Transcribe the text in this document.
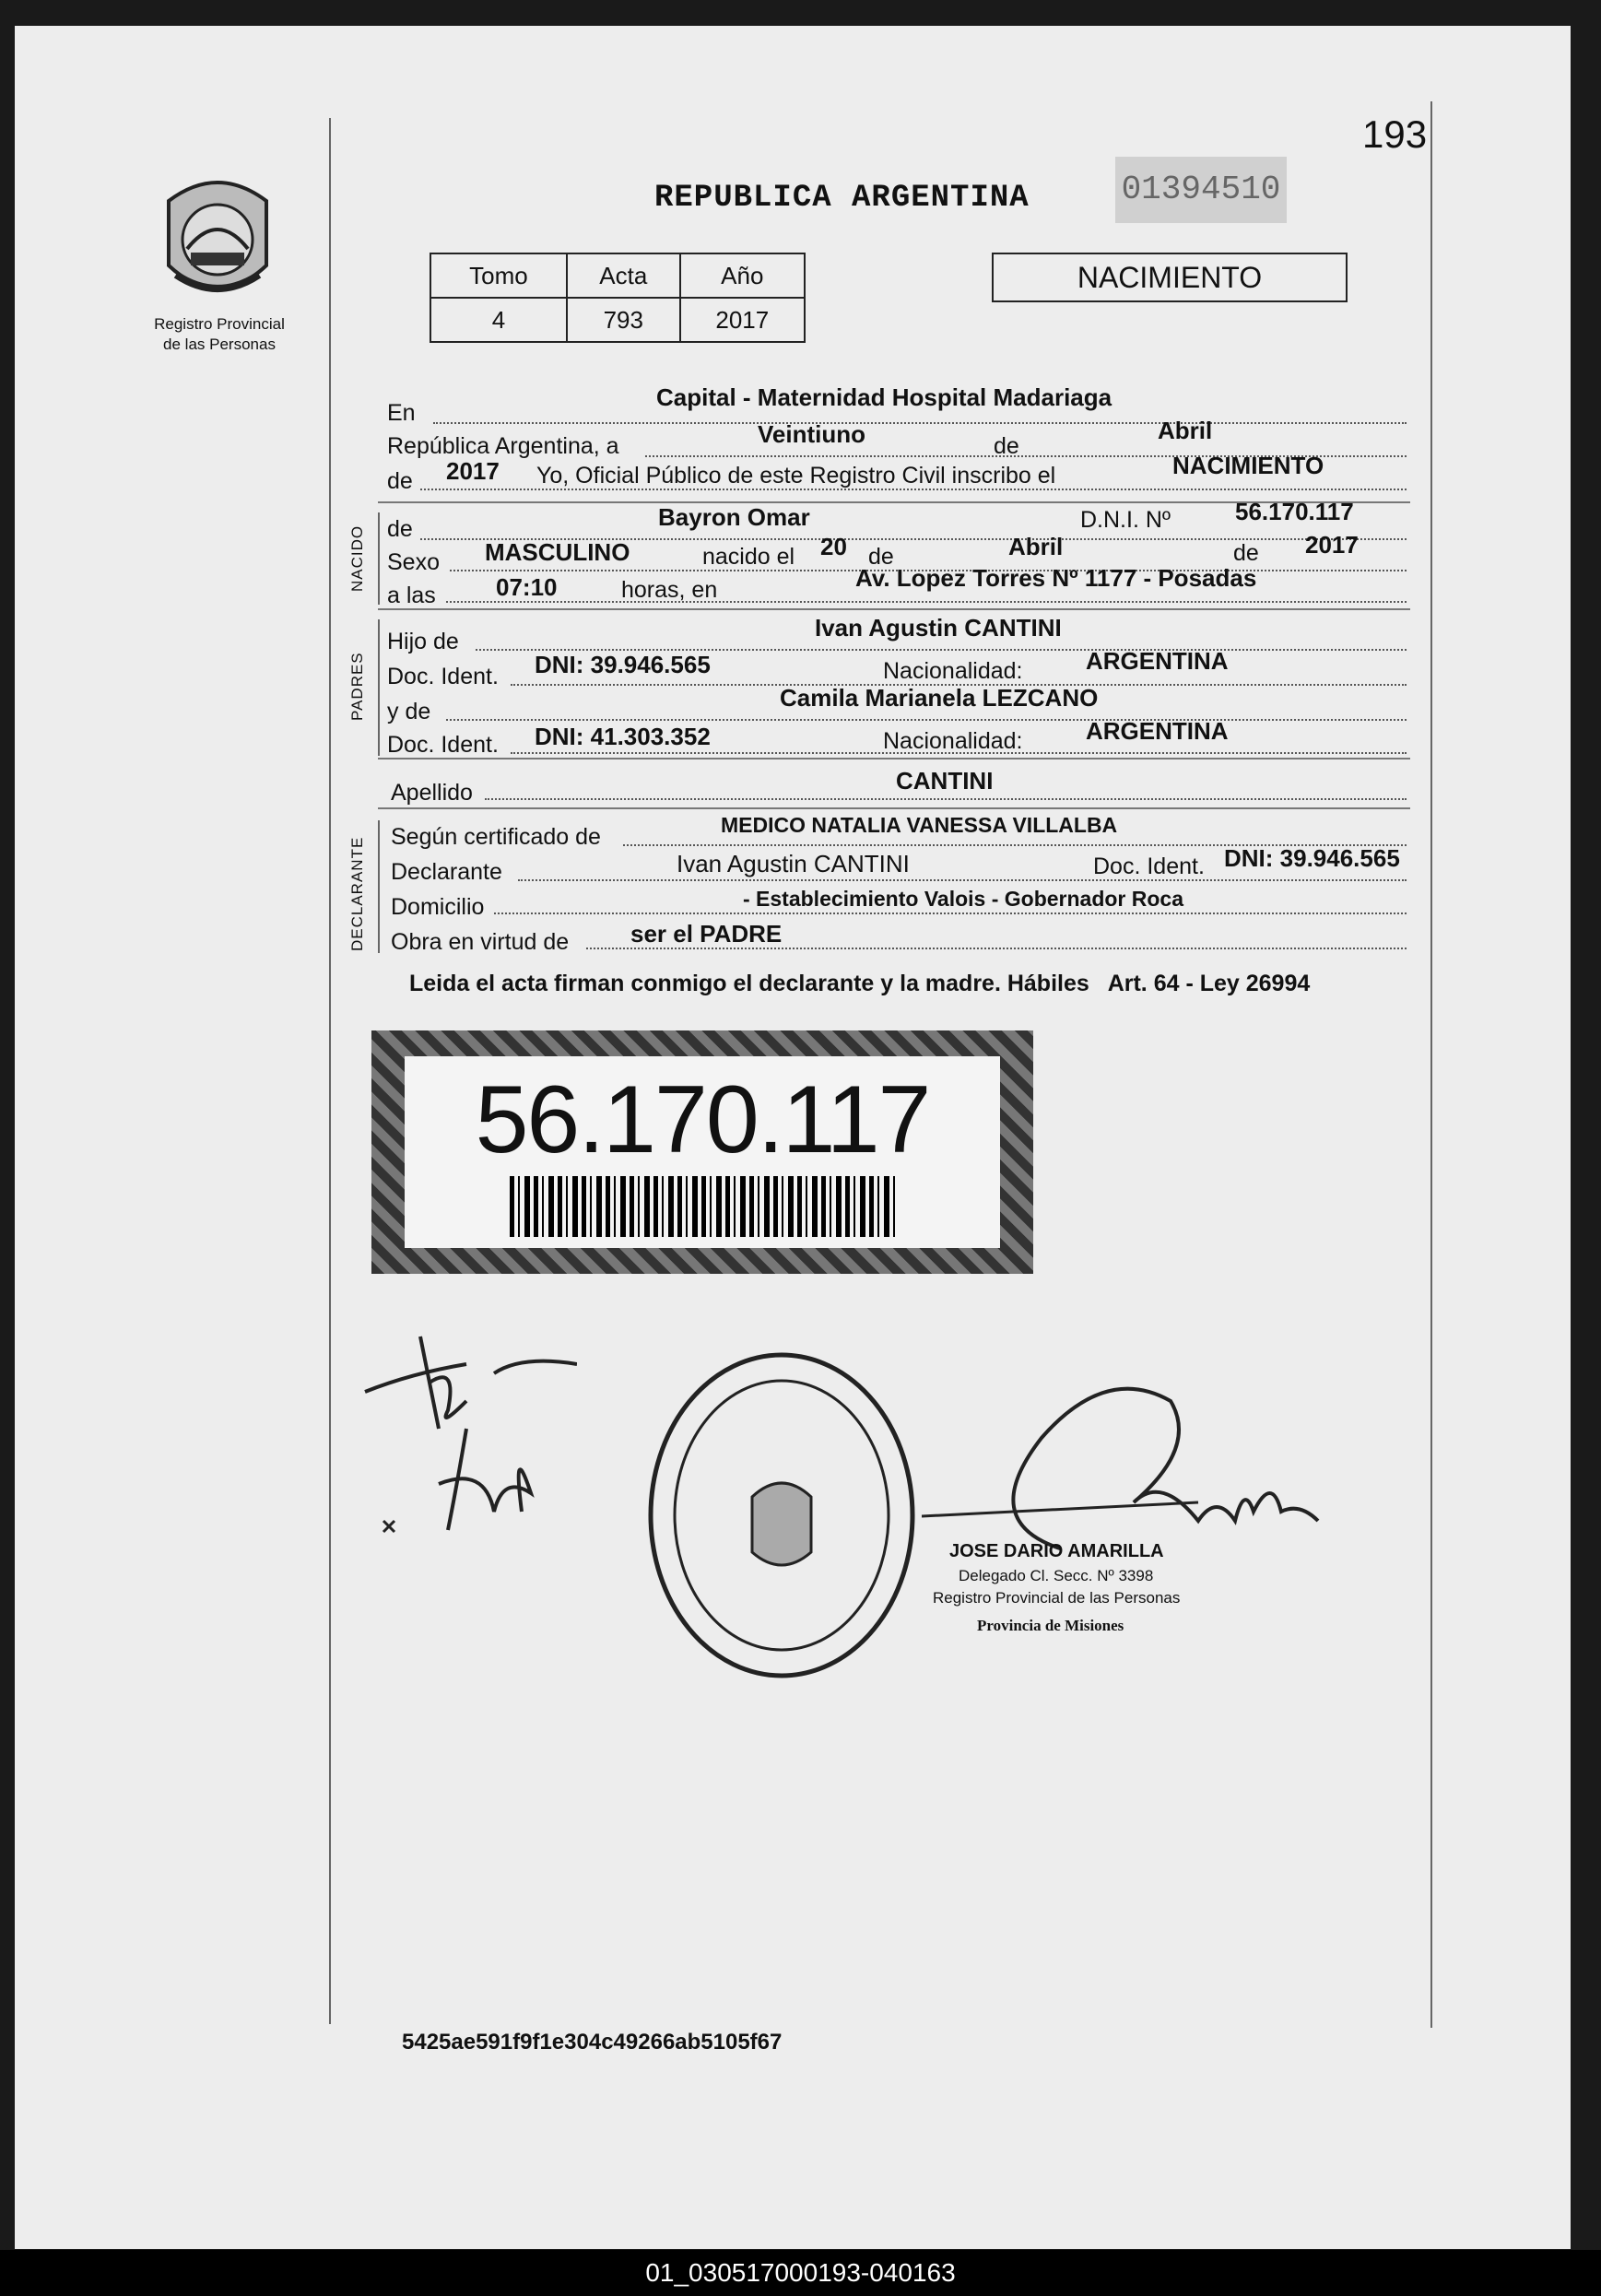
193
Registro Provincial
de las Personas
REPUBLICA ARGENTINA	01394510
Tomo	Acta	Año
4	793	2017
NACIMIENTO
En
Capital - Maternidad Hospital Madariaga
República Argentina, a	Veintiuno	de
Abril
de 2017 Yo, Oficial Público de este Registro Civil inscribo el	NACIMIENTO
NACIDO de	Bayron Omar	D.N.I. Nº	56.170.117
Sexo MASCULINO	nacido el 20 de	Abril	de 2017
a las	07:10	horas, en	Av. Lopez Torres Nº 1177 - Posadas
PADRES
Hijo de	Ivan Agustin CANTINI
Doc. Ident. DNI: 39.946.565	Nacionalidad:	ARGENTINA
y de	Camila Marianela LEZCANO
Doc. Ident. DNI: 41.303.352	Nacionalidad:	ARGENTINA
Apellido	CANTINI
DECLARANTE Según certificado de	MEDICO NATALIA VANESSA VILLALBA
Declarante	Ivan Agustin CANTINI	Doc. Ident. DNI: 39.946.565
Domicilio	- Establecimiento Valois - Gobernador Roca
Obra en virtud de	ser el PADRE
Leida el acta firman conmigo el declarante y la madre. Hábiles   Art. 64 - Ley 26994
56.170.117
JOSE DARIO AMARILLA
Delegado Cl. Secc. Nº 3398
Registro Provincial de las Personas
Provincia de Misiones
5425ae591f9f1e304c49266ab5105f67
01_030517000193-040163
